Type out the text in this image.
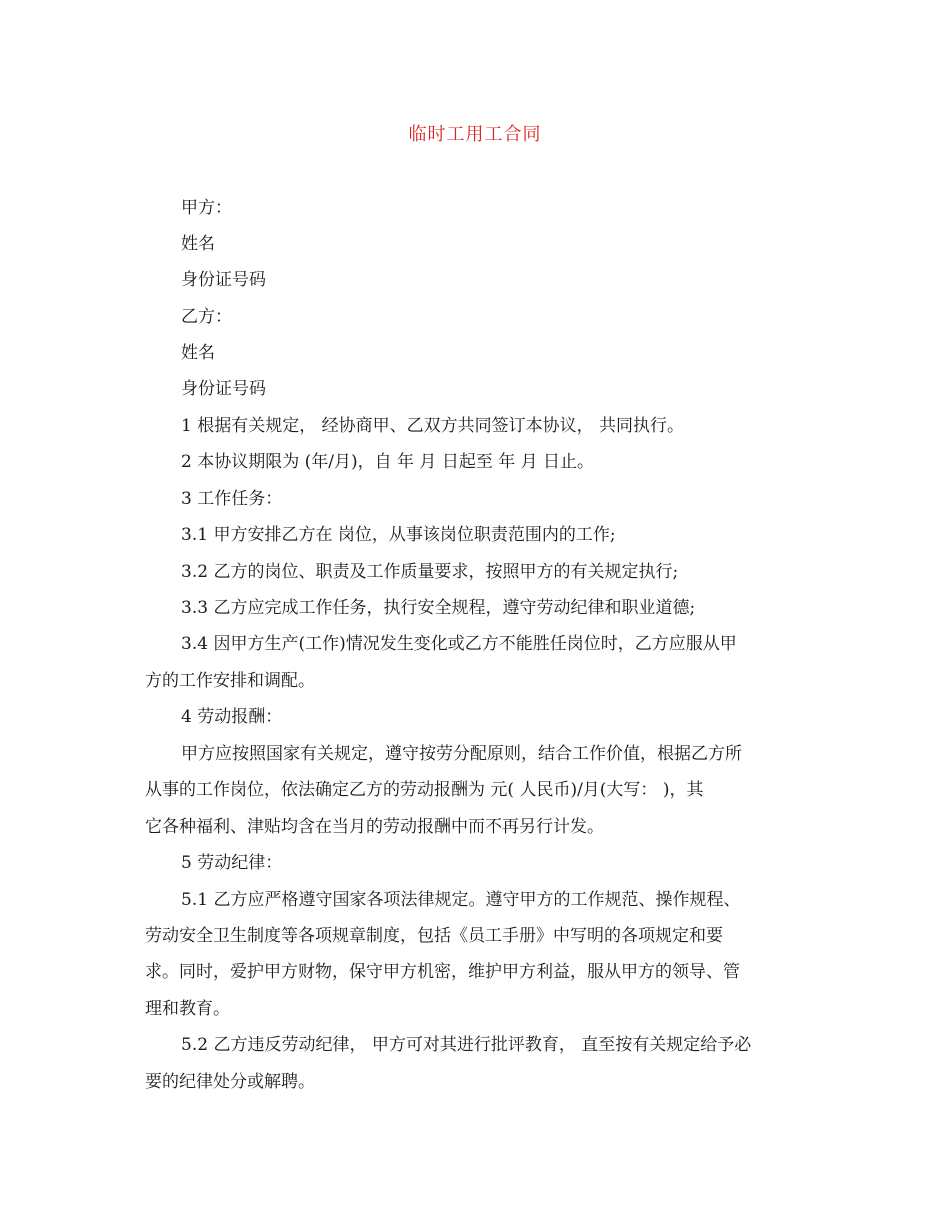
临时工用工合同
甲方：
姓名
身份证号码
乙方：
姓名
身份证号码
1 根据有关规定， 经协商甲、乙双方共同签订本协议， 共同执行。
2 本协议期限为 (年/月)，自 年 月 日起至 年 月 日止。
3 工作任务：
3.1 甲方安排乙方在 岗位，从事该岗位职责范围内的工作;
3.2 乙方的岗位、职责及工作质量要求，按照甲方的有关规定执行;
3.3 乙方应完成工作任务，执行安全规程，遵守劳动纪律和职业道德;
3.4 因甲方生产(工作)情况发生变化或乙方不能胜任岗位时，乙方应服从甲
方的工作安排和调配。
4 劳动报酬：
甲方应按照国家有关规定，遵守按劳分配原则，结合工作价值，根据乙方所
从事的工作岗位，依法确定乙方的劳动报酬为 元( 人民币)/月(大写： )，其
它各种福利、津贴均含在当月的劳动报酬中而不再另行计发。
5 劳动纪律：
5.1 乙方应严格遵守国家各项法律规定。遵守甲方的工作规范、操作规程、
劳动安全卫生制度等各项规章制度，包括《员工手册》中写明的各项规定和要
求。同时，爱护甲方财物，保守甲方机密，维护甲方利益，服从甲方的领导、管
理和教育。
5.2 乙方违反劳动纪律， 甲方可对其进行批评教育， 直至按有关规定给予必
要的纪律处分或解聘。
